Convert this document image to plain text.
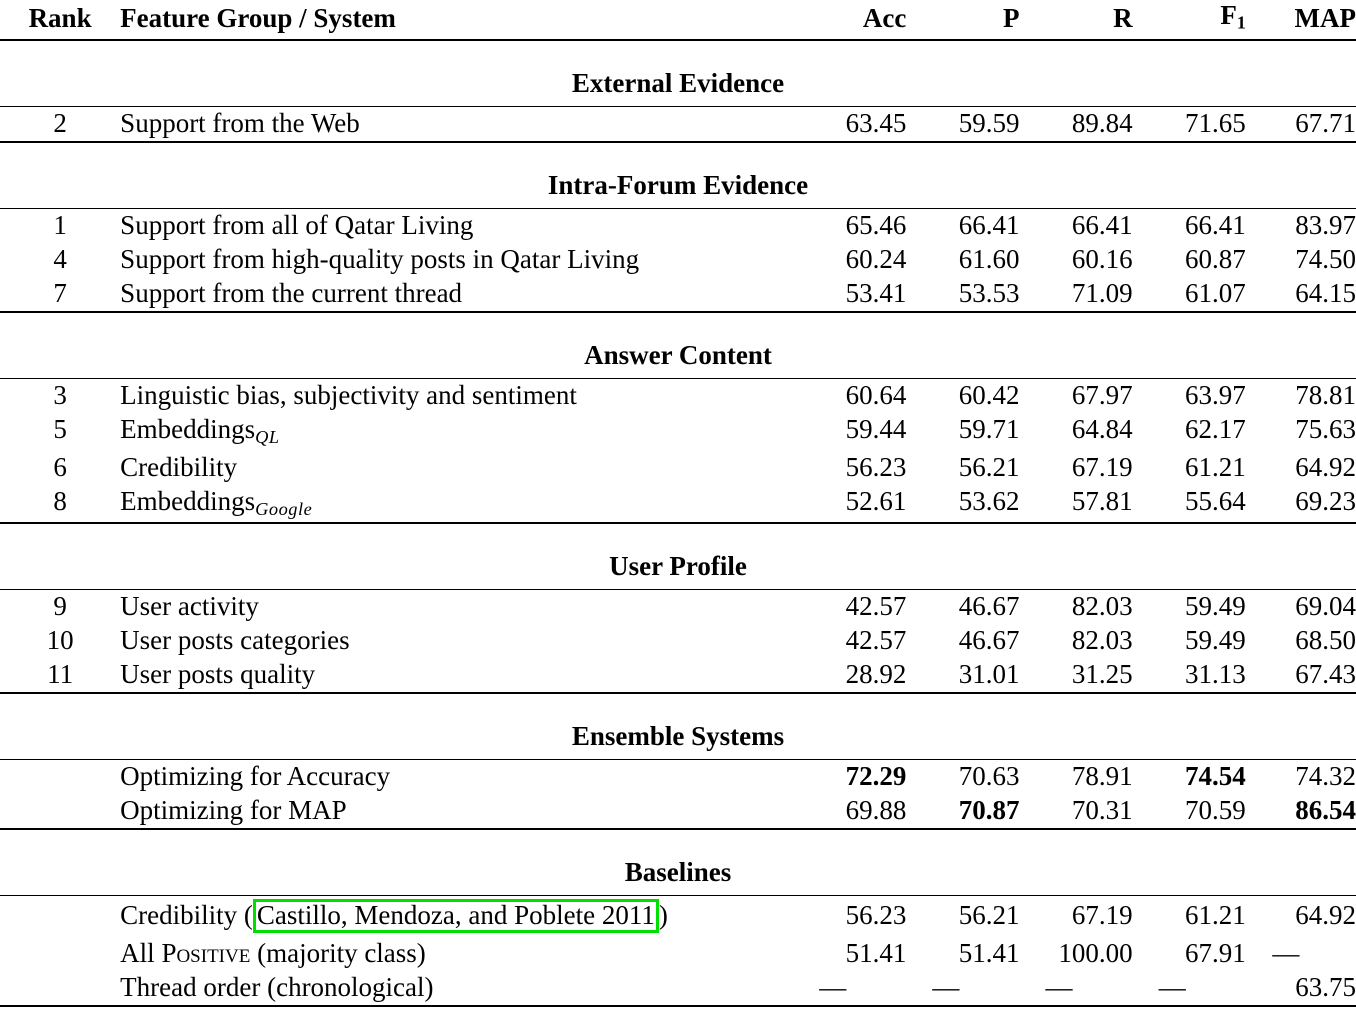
Rank	Feature Group / System	Acc	P	R	F1	MAP

External Evidence						

2	Support from the Web	63.45	59.59	89.84	71.65	67.71

Intra-Forum Evidence						

1	Support from all of Qatar Living	65.46	66.41	66.41	66.41	83.97
4	Support from high-quality posts in Qatar Living	60.24	61.60	60.16	60.87	74.50
7	Support from the current thread	53.41	53.53	71.09	61.07	64.15

Answer Content						

3	Linguistic bias, subjectivity and sentiment	60.64	60.42	67.97	63.97	78.81
5	EmbeddingsQL	59.44	59.71	64.84	62.17	75.63
6	Credibility	56.23	56.21	67.19	61.21	64.92
8	EmbeddingsGoogle	52.61	53.62	57.81	55.64	69.23

User Profile						

9	User activity	42.57	46.67	82.03	59.49	69.04
10	User posts categories	42.57	46.67	82.03	59.49	68.50
11	User posts quality	28.92	31.01	31.25	31.13	67.43

Ensemble Systems						

	Optimizing for Accuracy	72.29	70.63	78.91	74.54	74.32
	Optimizing for MAP	69.88	70.87	70.31	70.59	86.54

Baselines						

	Credibility ( Castillo, Mendoza, and Poblete 2011 )	56.23	56.21	67.19	61.21	64.92
	All Positive (majority class)	51.41	51.41	100.00	67.91	—
	Thread order (chronological)	—	—	—	—	63.75
